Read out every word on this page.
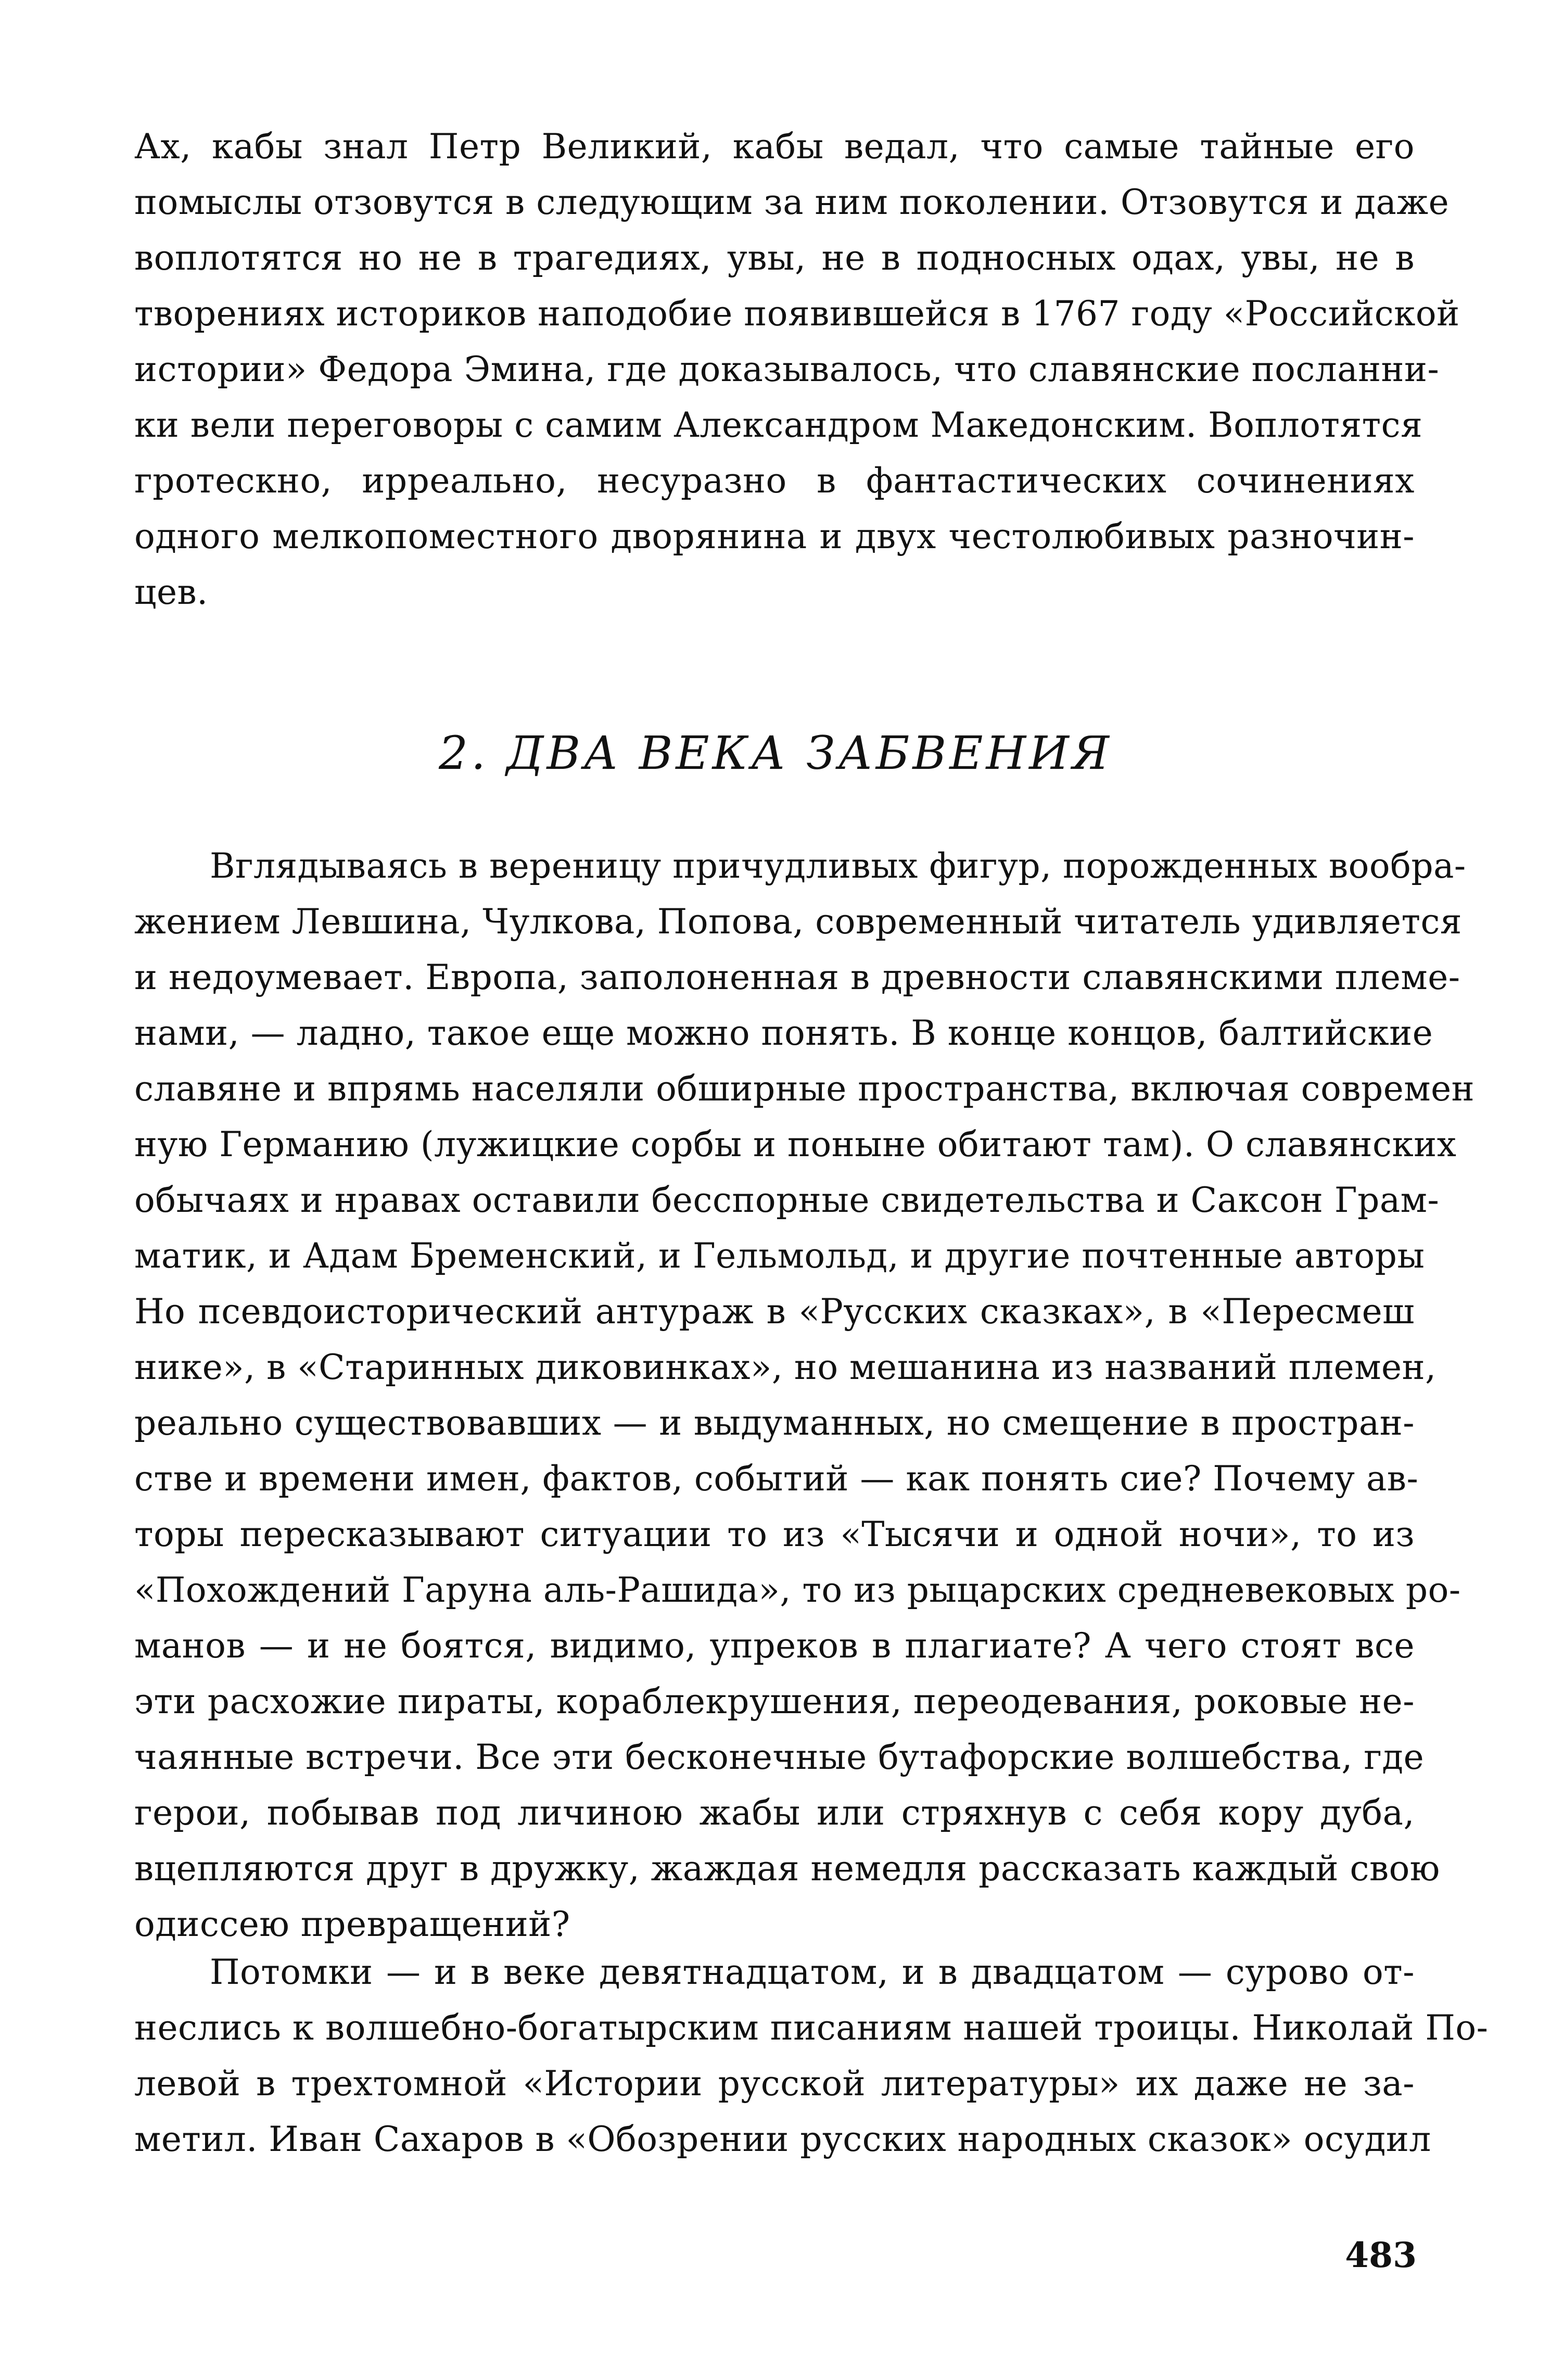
Ах, кабы знал Петр Великий, кабы ведал, что самые тайные его
помыслы отзовутся в следующим за ним поколении. Отзовутся и даже
воплотятся но не в трагедиях, увы, не в подносных одах, увы, не в
творениях историков наподобие появившейся в 1767 году «Российской
истории» Федора Эмина, где доказывалось, что славянские посланни-
ки вели переговоры с самим Александром Македонским. Воплотятся
гротескно, ирреально, несуразно в фантастических сочинениях
одного мелкопоместного дворянина и двух честолюбивых разночин-
цев.
2. ДВА ВЕКА ЗАБВЕНИЯ
Вглядываясь в вереницу причудливых фигур, порожденных вообра-
жением Левшина, Чулкова, Попова, современный читатель удивляется
и недоумевает. Европа, заполоненная в древности славянскими племе-
нами, — ладно, такое еще можно понять. В конце концов, балтийские
славяне и впрямь населяли обширные пространства, включая современ
ную Германию (лужицкие сорбы и поныне обитают там). О славянских
обычаях и нравах оставили бесспорные свидетельства и Саксон Грам-
матик, и Адам Бременский, и Гельмольд, и другие почтенные авторы
Но псевдоисторический антураж в «Русских сказках», в «Пересмеш
нике», в «Старинных диковинках», но мешанина из названий племен,
реально существовавших — и выдуманных, но смещение в простран-
стве и времени имен, фактов, событий — как понять сие? Почему ав-
торы пересказывают ситуации то из «Тысячи и одной ночи», то из
«Похождений Гаруна аль-Рашида», то из рыцарских средневековых ро-
манов — и не боятся, видимо, упреков в плагиате? А чего стоят все
эти расхожие пираты, кораблекрушения, переодевания, роковые не-
чаянные встречи. Все эти бесконечные бутафорские волшебства, где
герои, побывав под личиною жабы или стряхнув с себя кору дуба,
вцепляются друг в дружку, жаждая немедля рассказать каждый свою
одиссею превращений?
Потомки — и в веке девятнадцатом, и в двадцатом — сурово от-
неслись к волшебно-богатырским писаниям нашей троицы. Николай По-
левой в трехтомной «Истории русской литературы» их даже не за-
метил. Иван Сахаров в «Обозрении русских народных сказок» осудил
483
